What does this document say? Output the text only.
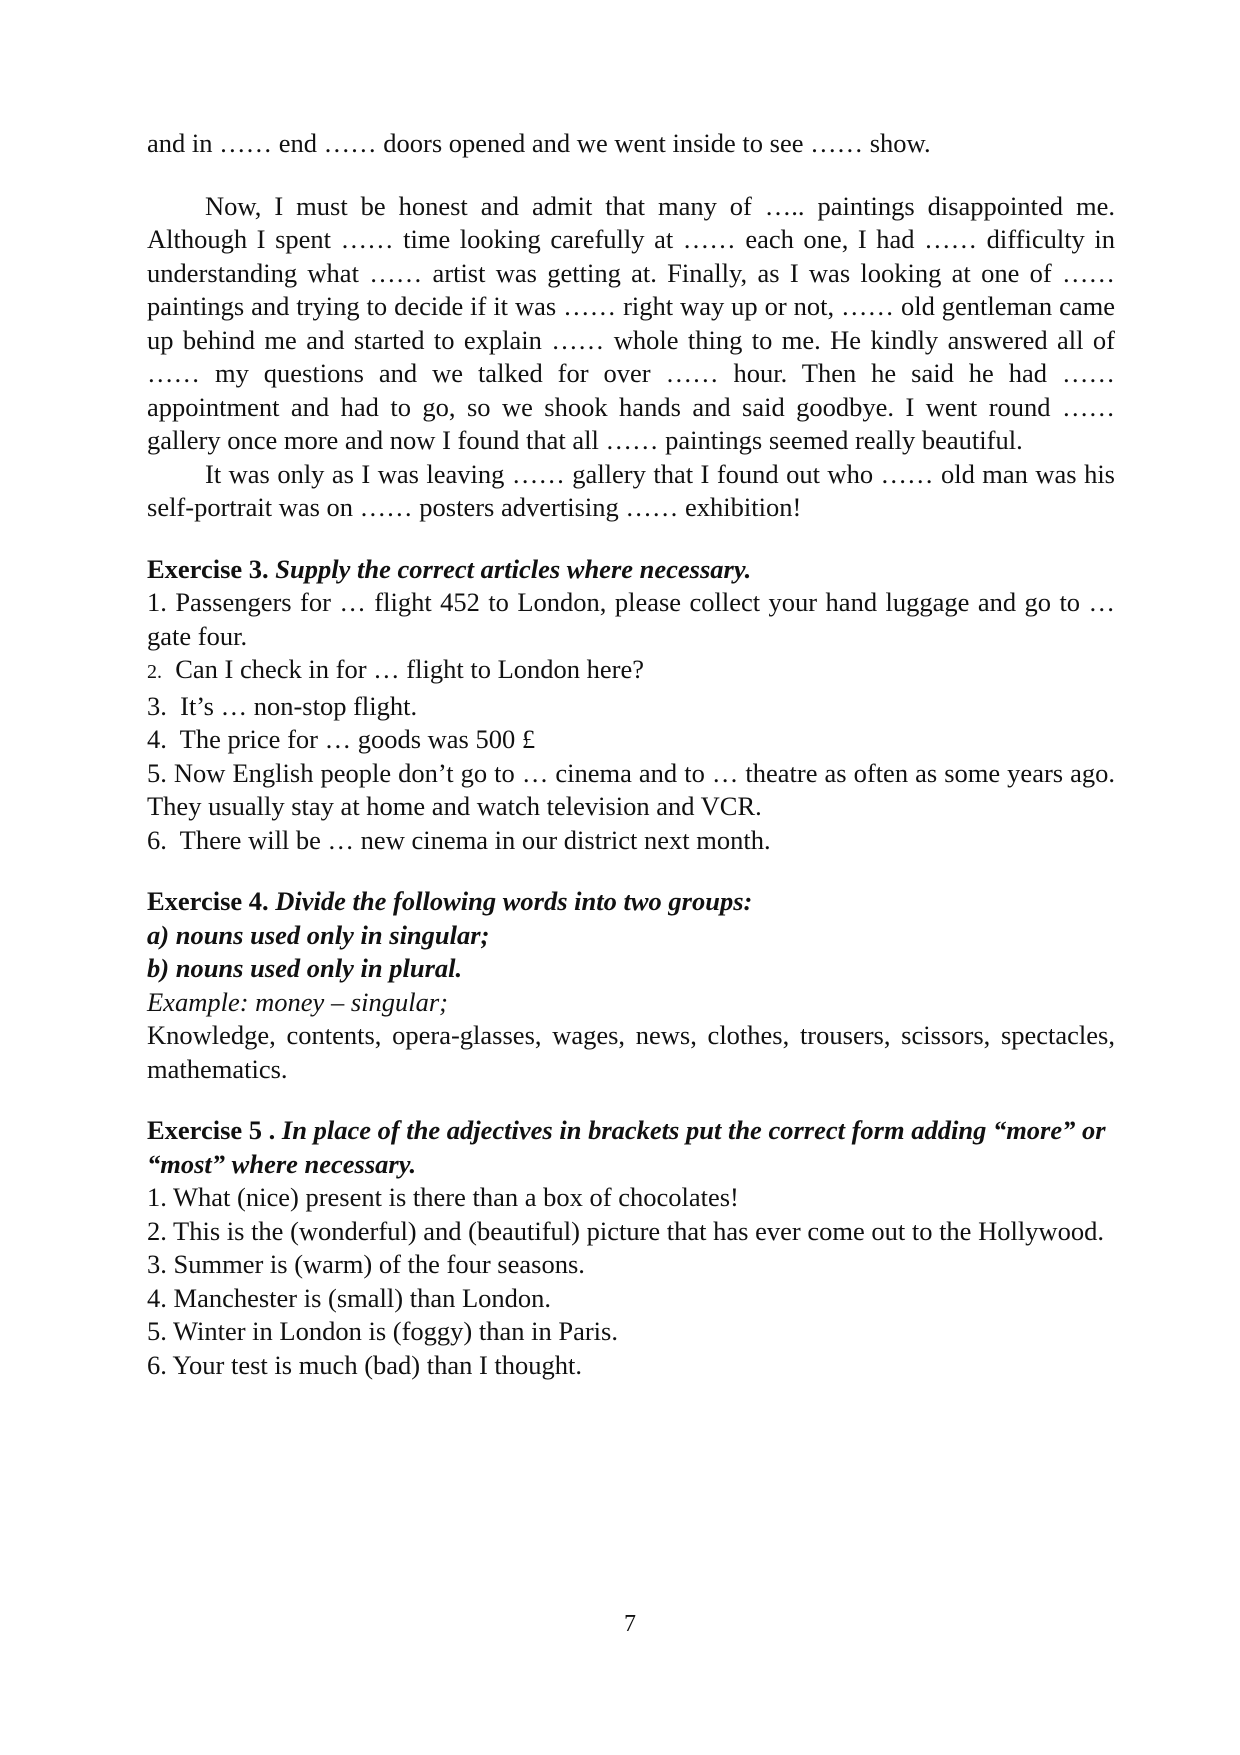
and in …… end …… doors opened and we went inside to see …… show.

Now, I must be honest and admit that many of ….. paintings disappointed me. Although I spent …… time looking carefully at …… each one, I had …… difficulty in understanding what …… artist was getting at. Finally, as I was looking at one of …… paintings and trying to decide if it was …… right way up or not, …… old gentleman came up behind me and started to explain …… whole thing to me. He kindly answered all of …… my questions and we talked for over …… hour. Then he said he had …… appointment and had to go, so we shook hands and said goodbye. I went round …… gallery once more and now I found that all …… paintings seemed really beautiful.

It was only as I was leaving …… gallery that I found out who …… old man was his self-portrait was on …… posters advertising …… exhibition!

Exercise 3. Supply the correct articles where necessary.

1. Passengers for … flight 452 to London, please collect your hand luggage and go to … gate four.
2. Can I check in for … flight to London here?
3. It’s … non-stop flight.
4. The price for … goods was 500 £
5. Now English people don’t go to … cinema and to … theatre as often as some years ago. They usually stay at home and watch television and VCR.
6. There will be … new cinema in our district next month.

Exercise 4. Divide the following words into two groups:

a) nouns used only in singular;

b) nouns used only in plural.

Example: money – singular;

Knowledge, contents, opera-glasses, wages, news, clothes, trousers, scissors, spectacles, mathematics.

Exercise 5 . In place of the adjectives in brackets put the correct form adding “more” or “most” where necessary.

1. What (nice) present is there than a box of chocolates!
2. This is the (wonderful) and (beautiful) picture that has ever come out to the Hollywood.
3. Summer is (warm) of the four seasons.
4. Manchester is (small) than London.
5. Winter in London is (foggy) than in Paris.
6. Your test is much (bad) than I thought.
7
